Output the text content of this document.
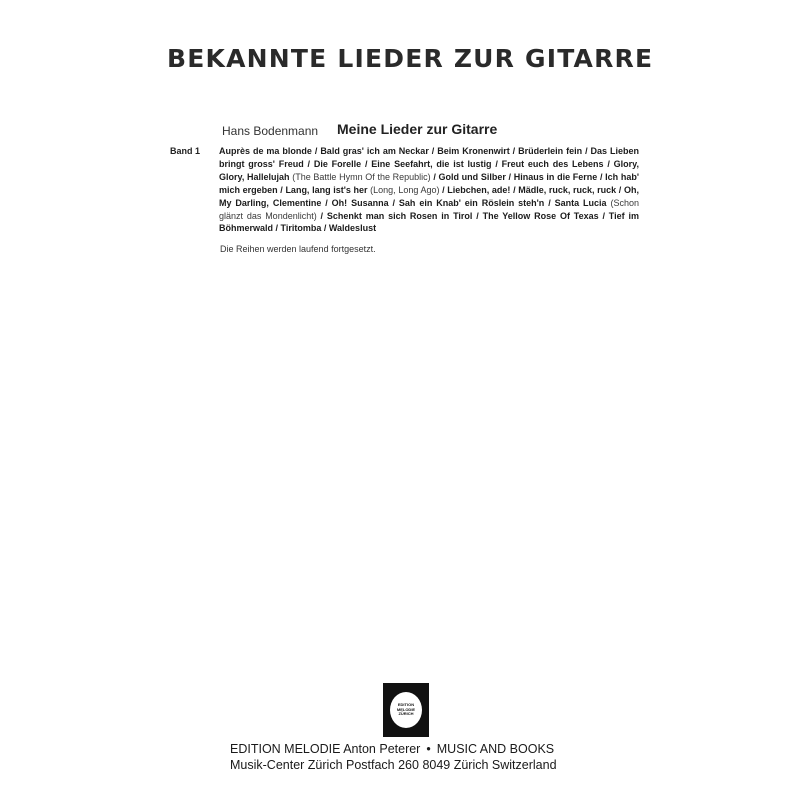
BEKANNTE LIEDER ZUR GITARRE
Hans Bodenmann Meine Lieder zur Gitarre
Band 1 Auprès de ma blonde / Bald gras' ich am Neckar / Beim Kronenwirt / Brüderlein fein / Das Lieben bringt gross' Freud / Die Forelle / Eine Seefahrt, die ist lustig / Freut euch des Lebens / Glory, Glory, Hallelujah (The Battle Hymn Of the Republic) / Gold und Silber / Hinaus in die Ferne / Ich hab' mich ergeben / Lang, lang ist's her (Long, Long Ago) / Liebchen, ade! / Mädle, ruck, ruck, ruck / Oh, My Darling, Clementine / Oh! Susanna / Sah ein Knab' ein Röslein steh'n / Santa Lucia (Schon glänzt das Mondenlicht) / Schenkt man sich Rosen in Tirol / The Yellow Rose Of Texas / Tief im Böhmerwald / Tiritomba / Waldeslust
Die Reihen werden laufend fortgesetzt.
EDITION
MELODIE
ZÜRICH
EDITION MELODIE Anton Peterer • MUSIC AND BOOKS
Musik-Center Zürich Postfach 260 8049 Zürich Switzerland
